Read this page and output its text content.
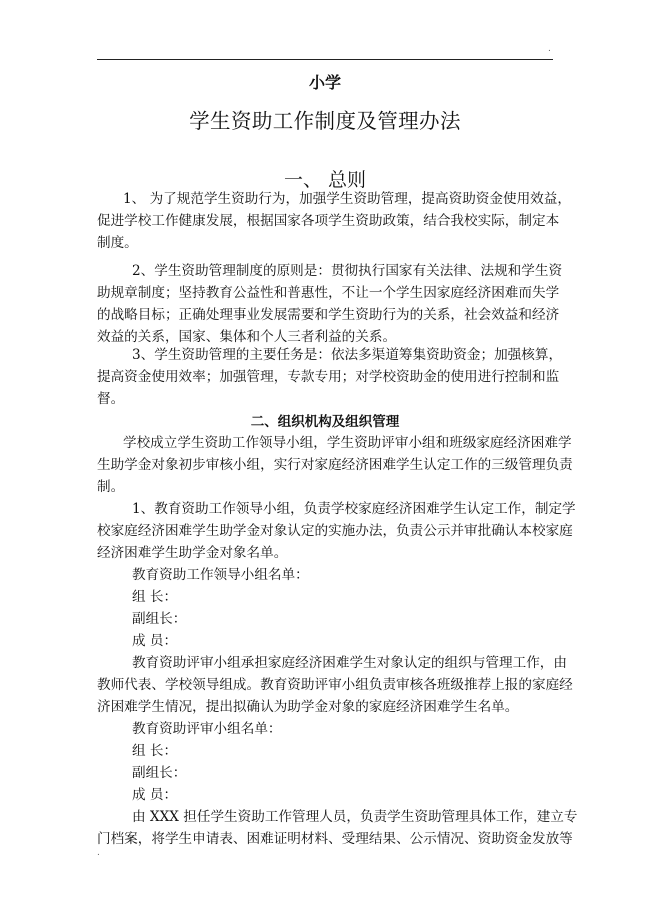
.
小学
学生资助工作制度及管理办法
一、 总则
1、 为了规范学生资助行为，加强学生资助管理，提高资助资金使用效益，
促进学校工作健康发展，根据国家各项学生资助政策，结合我校实际，制定本
制度。
2、学生资助管理制度的原则是：贯彻执行国家有关法律、法规和学生资
助规章制度；坚持教育公益性和普惠性，不让一个学生因家庭经济困难而失学
的战略目标；正确处理事业发展需要和学生资助行为的关系，社会效益和经济
效益的关系，国家、集体和个人三者利益的关系。
3、学生资助管理的主要任务是：依法多渠道筹集资助资金；加强核算，
提高资金使用效率；加强管理，专款专用；对学校资助金的使用进行控制和监
督。
二、组织机构及组织管理
学校成立学生资助工作领导小组，学生资助评审小组和班级家庭经济困难学
生助学金对象初步审核小组，实行对家庭经济困难学生认定工作的三级管理负责
制。
1、教育资助工作领导小组，负责学校家庭经济困难学生认定工作，制定学
校家庭经济困难学生助学金对象认定的实施办法，负责公示并审批确认本校家庭
经济困难学生助学金对象名单。
教育资助工作领导小组名单：
组 长：
副组长：
成 员：
教育资助评审小组承担家庭经济困难学生对象认定的组织与管理工作，由
教师代表、学校领导组成。教育资助评审小组负责审核各班级推荐上报的家庭经
济困难学生情况，提出拟确认为助学金对象的家庭经济困难学生名单。
教育资助评审小组名单：
组 长：
副组长：
成 员：
由 XXX 担任学生资助工作管理人员，负责学生资助管理具体工作，建立专
门档案，将学生申请表、困难证明材料、受理结果、公示情况、资助资金发放等
.
